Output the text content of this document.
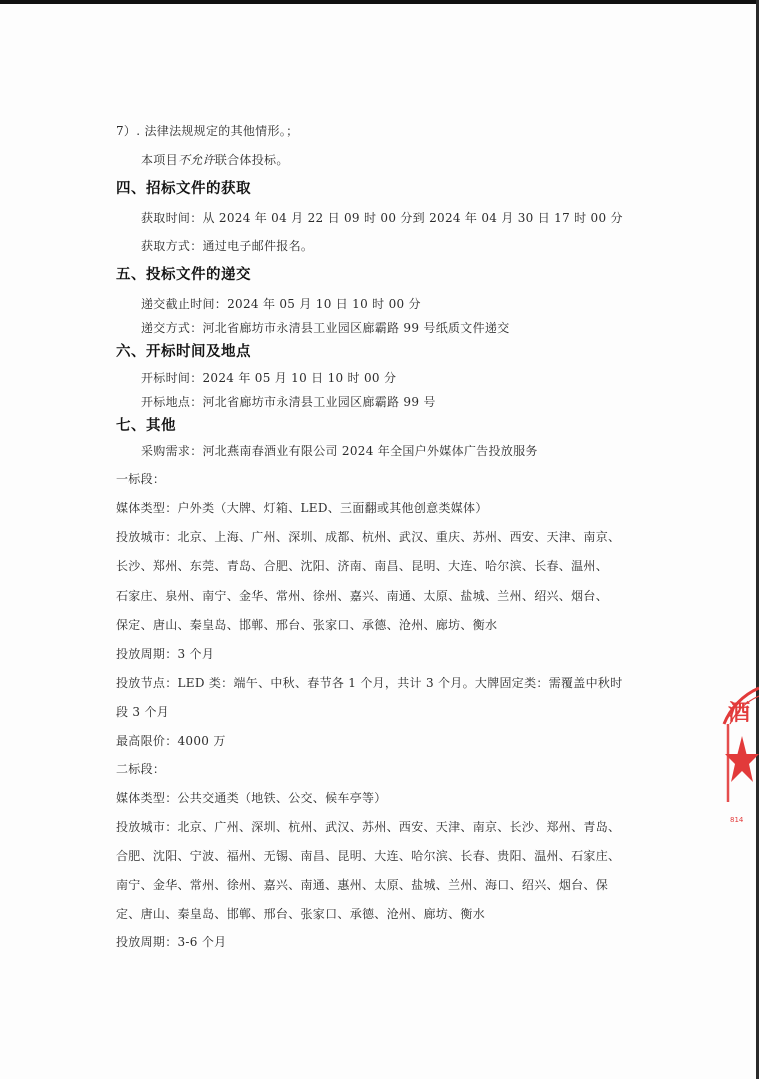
7）. 法律法规规定的其他情形。；
本项目不允许联合体投标。
四、招标文件的获取
获取时间：从 2024 年 04 月 22 日 09 时 00 分到 2024 年 04 月 30 日 17 时 00 分
获取方式：通过电子邮件报名。
五、投标文件的递交
递交截止时间：2024 年 05 月 10 日 10 时 00 分
递交方式：河北省廊坊市永清县工业园区廊霸路 99 号纸质文件递交
六、开标时间及地点
开标时间：2024 年 05 月 10 日 10 时 00 分
开标地点：河北省廊坊市永清县工业园区廊霸路 99 号
七、其他
采购需求：河北燕南春酒业有限公司 2024 年全国户外媒体广告投放服务
一标段：
媒体类型：户外类（大牌、灯箱、LED、三面翻或其他创意类媒体）
投放城市：北京、上海、广州、深圳、成都、杭州、武汉、重庆、苏州、西安、天津、南京、
长沙、郑州、东莞、青岛、合肥、沈阳、济南、南昌、昆明、大连、哈尔滨、长春、温州、
石家庄、泉州、南宁、金华、常州、徐州、嘉兴、南通、太原、盐城、兰州、绍兴、烟台、
保定、唐山、秦皇岛、邯郸、邢台、张家口、承德、沧州、廊坊、衡水
投放周期：3 个月
投放节点：LED 类：端午、中秋、春节各 1 个月，共计 3 个月。大牌固定类：需覆盖中秋时
段 3 个月
最高限价：4000 万
二标段：
媒体类型：公共交通类（地铁、公交、候车亭等）
投放城市：北京、广州、深圳、杭州、武汉、苏州、西安、天津、南京、长沙、郑州、青岛、
合肥、沈阳、宁波、福州、无锡、南昌、昆明、大连、哈尔滨、长春、贵阳、温州、石家庄、
南宁、金华、常州、徐州、嘉兴、南通、惠州、太原、盐城、兰州、海口、绍兴、烟台、保
定、唐山、秦皇岛、邯郸、邢台、张家口、承德、沧州、廊坊、衡水
投放周期：3-6 个月
酒
814
